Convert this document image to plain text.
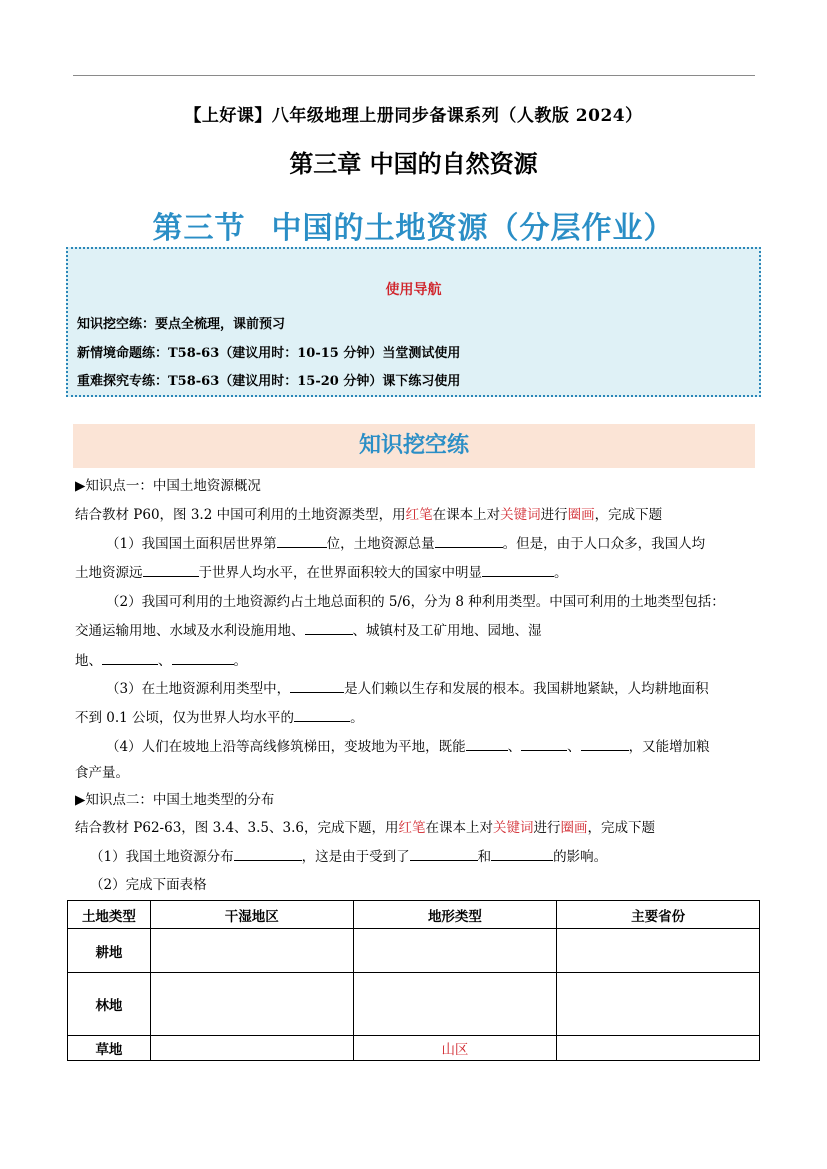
【上好课】八年级地理上册同步备课系列（人教版 2024）
第三章 中国的自然资源
第三节 中国的土地资源（分层作业）
使用导航
知识挖空练：要点全梳理，课前预习
新情境命题练：T58-63（建议用时：10-15 分钟）当堂测试使用
重难探究专练：T58-63（建议用时：15-20 分钟）课下练习使用
知识挖空练
▶知识点一：中国土地资源概况
结合教材 P60，图 3.2 中国可利用的土地资源类型，用红笔在课本上对关键词进行圈画，完成下题
（1）我国国土面积居世界第	位，土地资源总量	。但是，由于人口众多，我国人均
土地资源远	于世界人均水平，在世界面积较大的国家中明显	。
（2）我国可利用的土地资源约占土地总面积的 5/6，分为 8 种利用类型。中国可利用的土地类型包括：
交通运输用地、水域及水利设施用地、	、城镇村及工矿用地、园地、湿
地、	、	。
（3）在土地资源利用类型中，	是人们赖以生存和发展的根本。我国耕地紧缺，人均耕地面积
不到 0.1 公顷，仅为世界人均水平的	。
（4）人们在坡地上沿等高线修筑梯田，变坡地为平地，既能	、	、	，又能增加粮
食产量。
▶知识点二：中国土地类型的分布
结合教材 P62-63，图 3.4、3.5、3.6，完成下题，用红笔在课本上对关键词进行圈画，完成下题
（1）我国土地资源分布	，这是由于受到了	和	的影响。
（2）完成下面表格
土地类型	干湿地区	地形类型	主要省份
耕地			
林地			
草地		山区	
